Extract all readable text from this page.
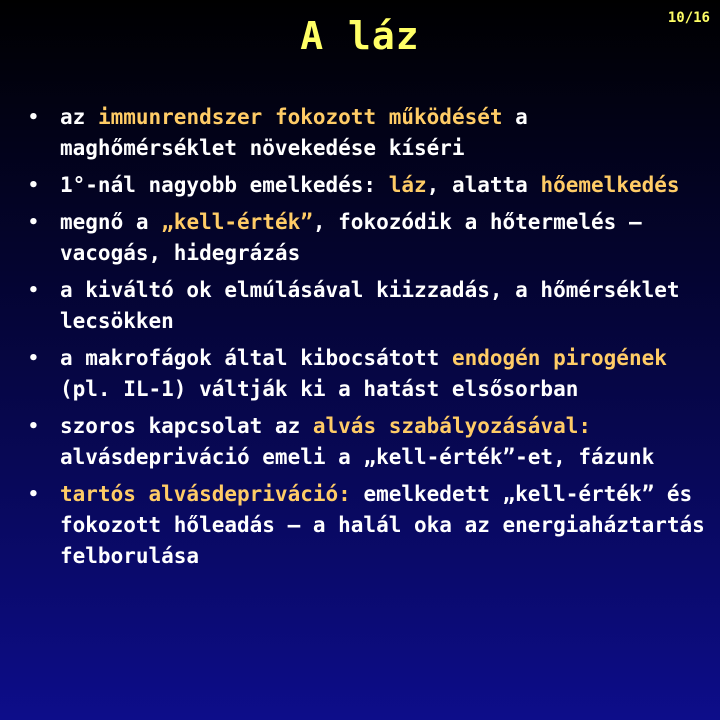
A láz	10/16
• az immunrendszer fokozott működését a maghőmérséklet növekedése kíséri
• 1°-nál nagyobb emelkedés: láz, alatta hőemelkedés
• megnő a „kell-érték”, fokozódik a hőtermelés – vacogás, hidegrázás
• a kiváltó ok elmúlásával kiizzadás, a hőmérséklet lecsökken
• a makrofágok által kibocsátott endogén pirogének (pl. IL-1) váltják ki a hatást elsősorban
• szoros kapcsolat az alvás szabályozásával: alvásdepriváció emeli a „kell-érték”-et, fázunk
• tartós alvásdepriváció: emelkedett „kell-érték” és fokozott hőleadás – a halál oka az energiaháztartás felborulása
